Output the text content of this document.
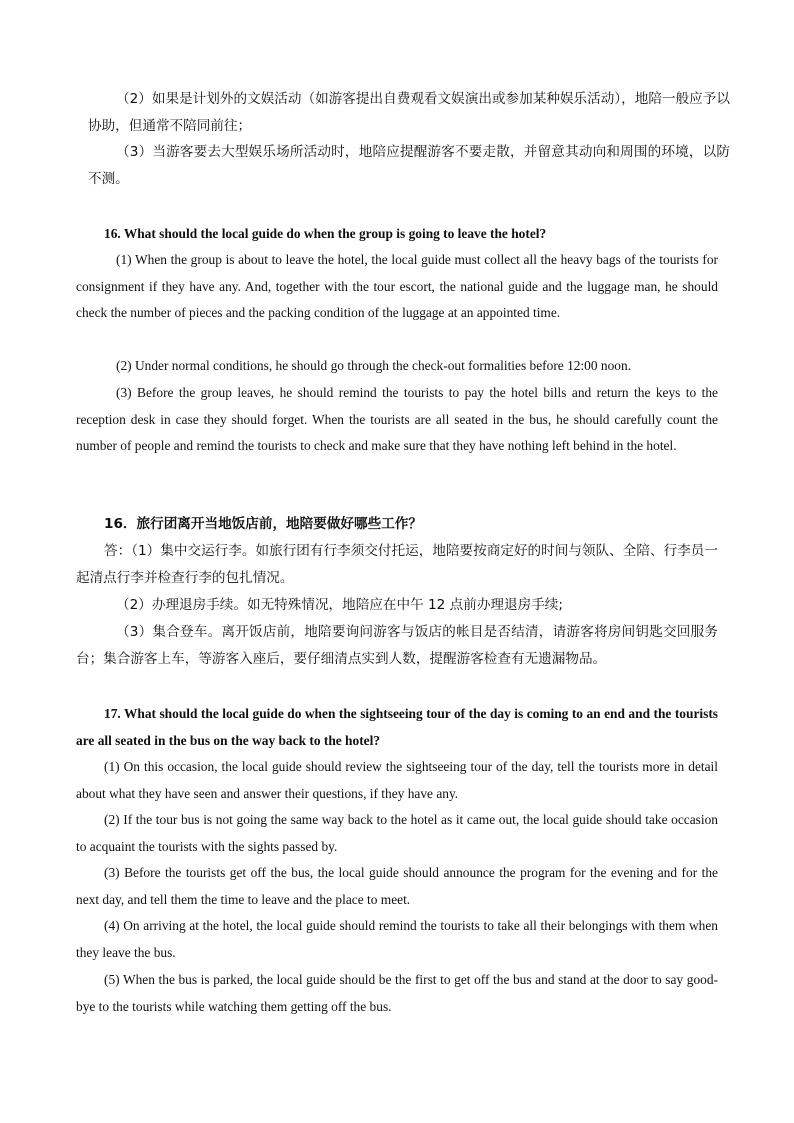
（2）如果是计划外的文娱活动（如游客提出自费观看文娱演出或参加某种娱乐活动），地陪一般应予以协助，但通常不陪同前往；

（3）当游客要去大型娱乐场所活动时，地陪应提醒游客不要走散，并留意其动向和周围的环境，以防不测。

16. What should the local guide do when the group is going to leave the hotel?

(1) When the group is about to leave the hotel, the local guide must collect all the heavy bags of the tourists for consignment if they have any. And, together with the tour escort, the national guide and the luggage man, he should check the number of pieces and the packing condition of the luggage at an appointed time.

(2) Under normal conditions, he should go through the check-out formalities before 12:00 noon.

(3) Before the group leaves, he should remind the tourists to pay the hotel bills and return the keys to the reception desk in case they should forget. When the tourists are all seated in the bus, he should carefully count the number of people and remind the tourists to check and make sure that they have nothing left behind in the hotel.

16．旅行团离开当地饭店前，地陪要做好哪些工作？

答：（1）集中交运行李。如旅行团有行李须交付托运，地陪要按商定好的时间与领队、全陪、行李员一起清点行李并检查行李的包扎情况。

（2）办理退房手续。如无特殊情况，地陪应在中午 12 点前办理退房手续;

（3）集合登车。离开饭店前，地陪要询问游客与饭店的帐目是否结清，请游客将房间钥匙交回服务台；集合游客上车，等游客入座后，要仔细清点实到人数，提醒游客检查有无遗漏物品。

17. What should the local guide do when the sightseeing tour of the day is coming to an end and the tourists are all seated in the bus on the way back to the hotel?

(1) On this occasion, the local guide should review the sightseeing tour of the day, tell the tourists more in detail about what they have seen and answer their questions, if they have any.

(2) If the tour bus is not going the same way back to the hotel as it came out, the local guide should take occasion to acquaint the tourists with the sights passed by.

(3) Before the tourists get off the bus, the local guide should announce the program for the evening and for the next day, and tell them the time to leave and the place to meet.

(4) On arriving at the hotel, the local guide should remind the tourists to take all their belongings with them when they leave the bus.

(5) When the bus is parked, the local guide should be the first to get off the bus and stand at the door to say good-bye to the tourists while watching them getting off the bus.
